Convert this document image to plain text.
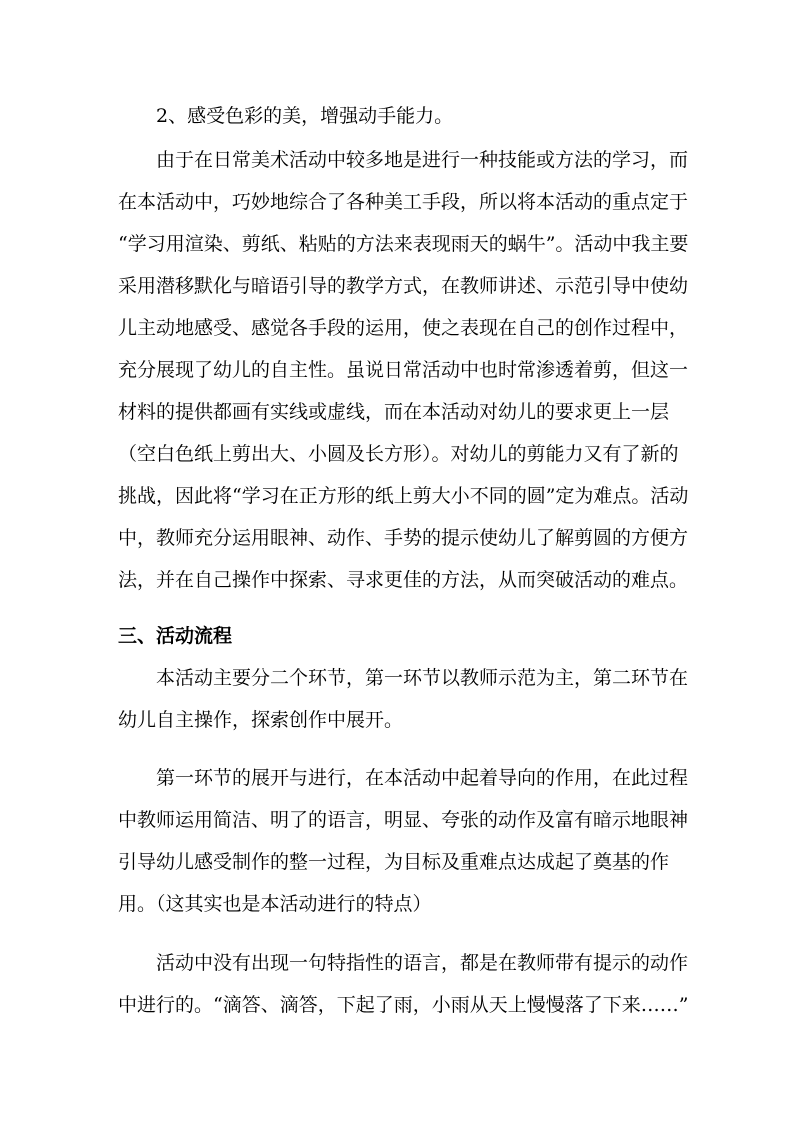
2、感受色彩的美，增强动手能力。
由于在日常美术活动中较多地是进行一种技能或方法的学习，而
在本活动中，巧妙地综合了各种美工手段，所以将本活动的重点定于
“学习用渲染、剪纸、粘贴的方法来表现雨天的蜗牛”。活动中我主要
采用潜移默化与暗语引导的教学方式，在教师讲述、示范引导中使幼
儿主动地感受、感觉各手段的运用，使之表现在自己的创作过程中，
充分展现了幼儿的自主性。虽说日常活动中也时常渗透着剪，但这一
材料的提供都画有实线或虚线，而在本活动对幼儿的要求更上一层
（空白色纸上剪出大、小圆及长方形）。对幼儿的剪能力又有了新的
挑战，因此将“学习在正方形的纸上剪大小不同的圆”定为难点。活动
中，教师充分运用眼神、动作、手势的提示使幼儿了解剪圆的方便方
法，并在自己操作中探索、寻求更佳的方法，从而突破活动的难点。
三、活动流程
本活动主要分二个环节，第一环节以教师示范为主，第二环节在
幼儿自主操作，探索创作中展开。
第一环节的展开与进行，在本活动中起着导向的作用，在此过程
中教师运用简洁、明了的语言，明显、夸张的动作及富有暗示地眼神
引导幼儿感受制作的整一过程，为目标及重难点达成起了奠基的作
用。（这其实也是本活动进行的特点）
活动中没有出现一句特指性的语言，都是在教师带有提示的动作
中进行的。“滴答、滴答，下起了雨，小雨从天上慢慢落了下来……”
